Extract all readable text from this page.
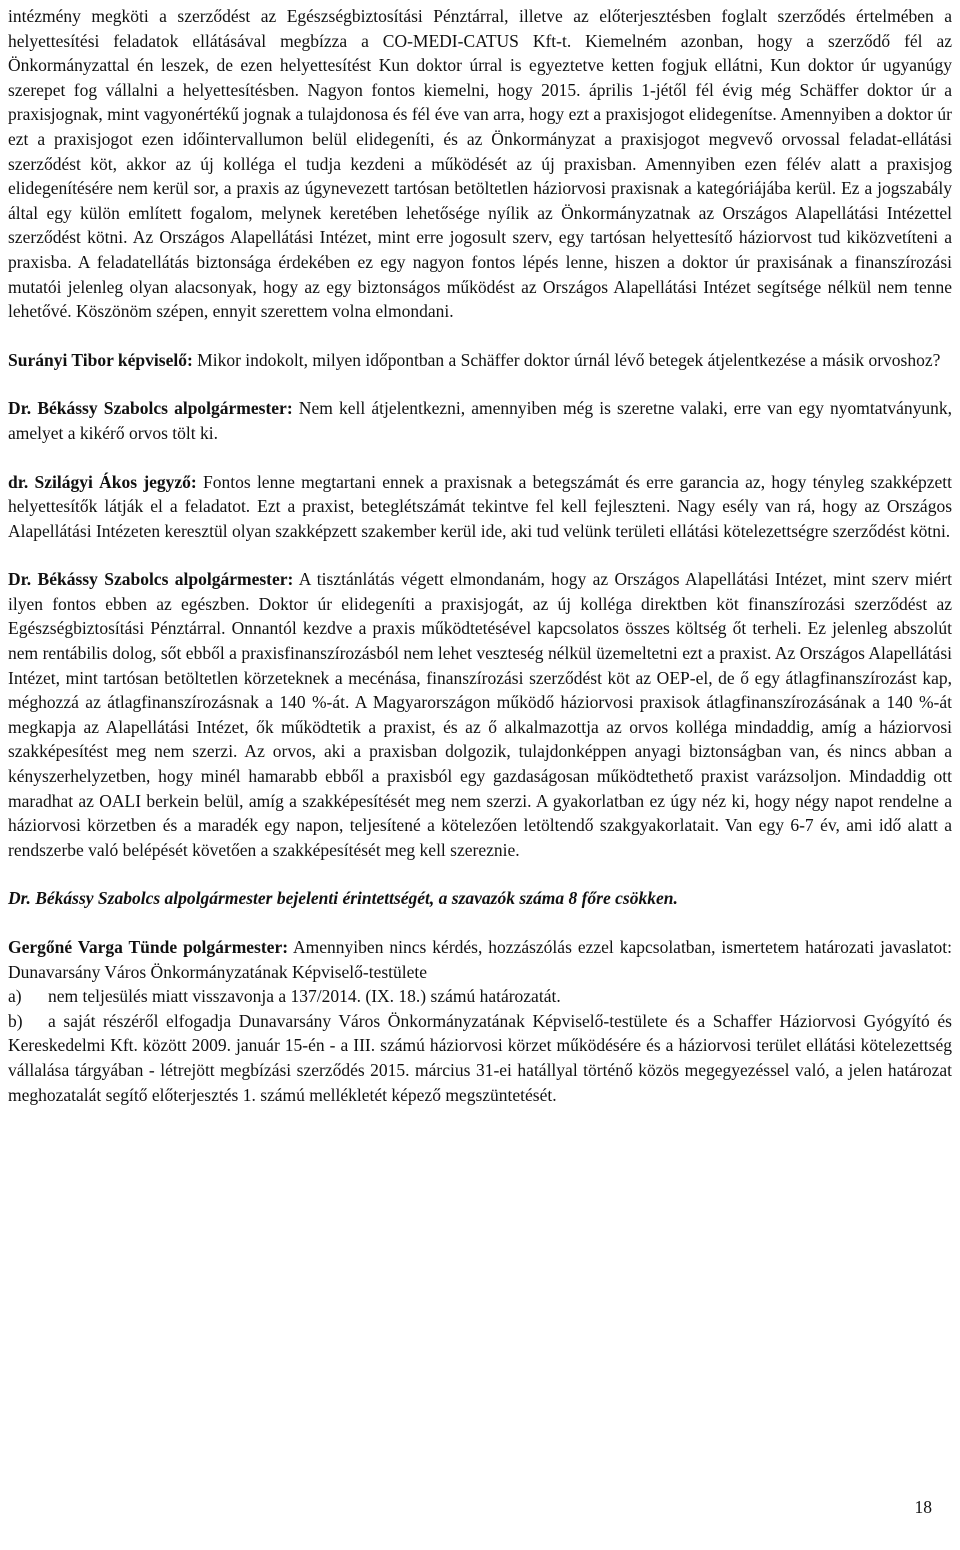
intézmény megköti a szerződést az Egészségbiztosítási Pénztárral, illetve az előterjesztésben foglalt szerződés értelmében a helyettesítési feladatok ellátásával megbízza a CO-MEDI-CATUS Kft-t. Kiemelném azonban, hogy a szerződő fél az Önkormányzattal én leszek, de ezen helyettesítést Kun doktor úrral is egyeztetve ketten fogjuk ellátni, Kun doktor úr ugyanúgy szerepet fog vállalni a helyettesítésben. Nagyon fontos kiemelni, hogy 2015. április 1-jétől fél évig még Schäffer doktor úr a praxisjognak, mint vagyonértékű jognak a tulajdonosa és fél éve van arra, hogy ezt a praxisjogot elidegenítse. Amennyiben a doktor úr ezt a praxisjogot ezen időintervallumon belül elidegeníti, és az Önkormányzat a praxisjogot megvevő orvossal feladat-ellátási szerződést köt, akkor az új kolléga el tudja kezdeni a működését az új praxisban. Amennyiben ezen félév alatt a praxisjog elidegenítésére nem kerül sor, a praxis az úgynevezett tartósan betöltetlen háziorvosi praxisnak a kategóriájába kerül. Ez a jogszabály által egy külön említett fogalom, melynek keretében lehetősége nyílik az Önkormányzatnak az Országos Alapellátási Intézettel szerződést kötni. Az Országos Alapellátási Intézet, mint erre jogosult szerv, egy tartósan helyettesítő háziorvost tud kiközvetíteni a praxisba. A feladatellátás biztonsága érdekében ez egy nagyon fontos lépés lenne, hiszen a doktor úr praxisának a finanszírozási mutatói jelenleg olyan alacsonyak, hogy az egy biztonságos működést az Országos Alapellátási Intézet segítsége nélkül nem tenne lehetővé. Köszönöm szépen, ennyit szerettem volna elmondani.

Surányi Tibor képviselő: Mikor indokolt, milyen időpontban a Schäffer doktor úrnál lévő betegek átjelentkezése a másik orvoshoz?

Dr. Békássy Szabolcs alpolgármester: Nem kell átjelentkezni, amennyiben még is szeretne valaki, erre van egy nyomtatványunk, amelyet a kikérő orvos tölt ki.

dr. Szilágyi Ákos jegyző: Fontos lenne megtartani ennek a praxisnak a betegszámát és erre garancia az, hogy tényleg szakképzett helyettesítők látják el a feladatot. Ezt a praxist, beteglétszámát tekintve fel kell fejleszteni. Nagy esély van rá, hogy az Országos Alapellátási Intézeten keresztül olyan szakképzett szakember kerül ide, aki tud velünk területi ellátási kötelezettségre szerződést kötni.

Dr. Békássy Szabolcs alpolgármester: A tisztánlátás végett elmondanám, hogy az Országos Alapellátási Intézet, mint szerv miért ilyen fontos ebben az egészben. Doktor úr elidegeníti a praxisjogát, az új kolléga direktben köt finanszírozási szerződést az Egészségbiztosítási Pénztárral. Onnantól kezdve a praxis működtetésével kapcsolatos összes költség őt terheli. Ez jelenleg abszolút nem rentábilis dolog, sőt ebből a praxisfinanszírozásból nem lehet veszteség nélkül üzemeltetni ezt a praxist. Az Országos Alapellátási Intézet, mint tartósan betöltetlen körzeteknek a mecénása, finanszírozási szerződést köt az OEP-el, de ő egy átlagfinanszírozást kap, méghozzá az átlagfinanszírozásnak a 140 %-át. A Magyarországon működő háziorvosi praxisok átlagfinanszírozásának a 140 %-át megkapja az Alapellátási Intézet, ők működtetik a praxist, és az ő alkalmazottja az orvos kolléga mindaddig, amíg a háziorvosi szakképesítést meg nem szerzi. Az orvos, aki a praxisban dolgozik, tulajdonképpen anyagi biztonságban van, és nincs abban a kényszerhelyzetben, hogy minél hamarabb ebből a praxisból egy gazdaságosan működtethető praxist varázsoljon. Mindaddig ott maradhat az OALI berkein belül, amíg a szakképesítését meg nem szerzi. A gyakorlatban ez úgy néz ki, hogy négy napot rendelne a háziorvosi körzetben és a maradék egy napon, teljesítené a kötelezően letöltendő szakgyakorlatait. Van egy 6-7 év, ami idő alatt a rendszerbe való belépését követően a szakképesítését meg kell szereznie.

Dr. Békássy Szabolcs alpolgármester bejelenti érintettségét, a szavazók száma 8 főre csökken.

Gergőné Varga Tünde polgármester: Amennyiben nincs kérdés, hozzászólás ezzel kapcsolatban, ismertetem határozati javaslatot: Dunavarsány Város Önkormányzatának Képviselő-testülete
a) nem teljesülés miatt visszavonja a 137/2014. (IX. 18.) számú határozatát.
b) a saját részéről elfogadja Dunavarsány Város Önkormányzatának Képviselő-testülete és a Schaffer Háziorvosi Gyógyító és Kereskedelmi Kft. között 2009. január 15-én - a III. számú háziorvosi körzet működésére és a háziorvosi terület ellátási kötelezettség vállalása tárgyában - létrejött megbízási szerződés 2015. március 31-ei hatállyal történő közös megegyezéssel való, a jelen határozat meghozatalát segítő előterjesztés 1. számú mellékletét képező megszüntetését.

18
